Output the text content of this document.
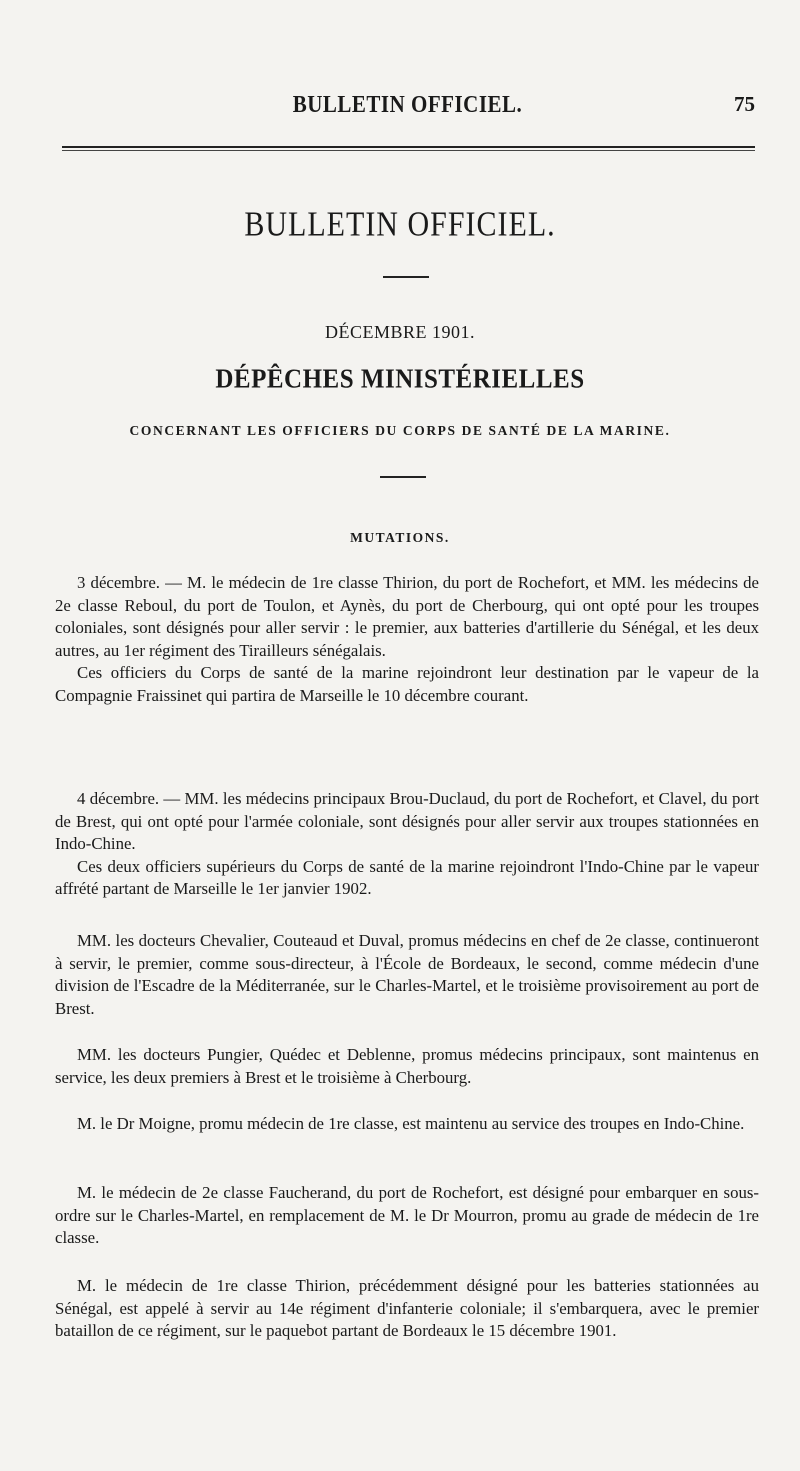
BULLETIN OFFICIEL.	75
BULLETIN OFFICIEL.
DÉCEMBRE 1901.
DÉPÊCHES MINISTÉRIELLES
CONCERNANT LES OFFICIERS DU CORPS DE SANTÉ DE LA MARINE.
MUTATIONS.

3 décembre. — M. le médecin de 1re classe Thirion, du port de Rochefort, et MM. les médecins de 2e classe Reboul, du port de Toulon, et Aynès, du port de Cherbourg, qui ont opté pour les troupes coloniales, sont désignés pour aller servir : le premier, aux batteries d'artillerie du Sénégal, et les deux autres, au 1er régiment des Tirailleurs sénégalais.

Ces officiers du Corps de santé de la marine rejoindront leur destination par le vapeur de la Compagnie Fraissinet qui partira de Marseille le 10 décembre courant.

4 décembre. — MM. les médecins principaux Brou-Duclaud, du port de Rochefort, et Clavel, du port de Brest, qui ont opté pour l'armée coloniale, sont désignés pour aller servir aux troupes stationnées en Indo-Chine.

Ces deux officiers supérieurs du Corps de santé de la marine rejoindront l'Indo-Chine par le vapeur affrété partant de Marseille le 1er janvier 1902.

MM. les docteurs Chevalier, Couteaud et Duval, promus médecins en chef de 2e classe, continueront à servir, le premier, comme sous-directeur, à l'École de Bordeaux, le second, comme médecin d'une division de l'Escadre de la Méditerranée, sur le Charles-Martel, et le troisième provisoirement au port de Brest.

MM. les docteurs Pungier, Quédec et Deblenne, promus médecins principaux, sont maintenus en service, les deux premiers à Brest et le troisième à Cherbourg.

M. le Dr Moigne, promu médecin de 1re classe, est maintenu au service des troupes en Indo-Chine.

M. le médecin de 2e classe Faucherand, du port de Rochefort, est désigné pour embarquer en sous-ordre sur le Charles-Martel, en remplacement de M. le Dr Mourron, promu au grade de médecin de 1re classe.

M. le médecin de 1re classe Thirion, précédemment désigné pour les batteries stationnées au Sénégal, est appelé à servir au 14e régiment d'infanterie coloniale; il s'embarquera, avec le premier bataillon de ce régiment, sur le paquebot partant de Bordeaux le 15 décembre 1901.
